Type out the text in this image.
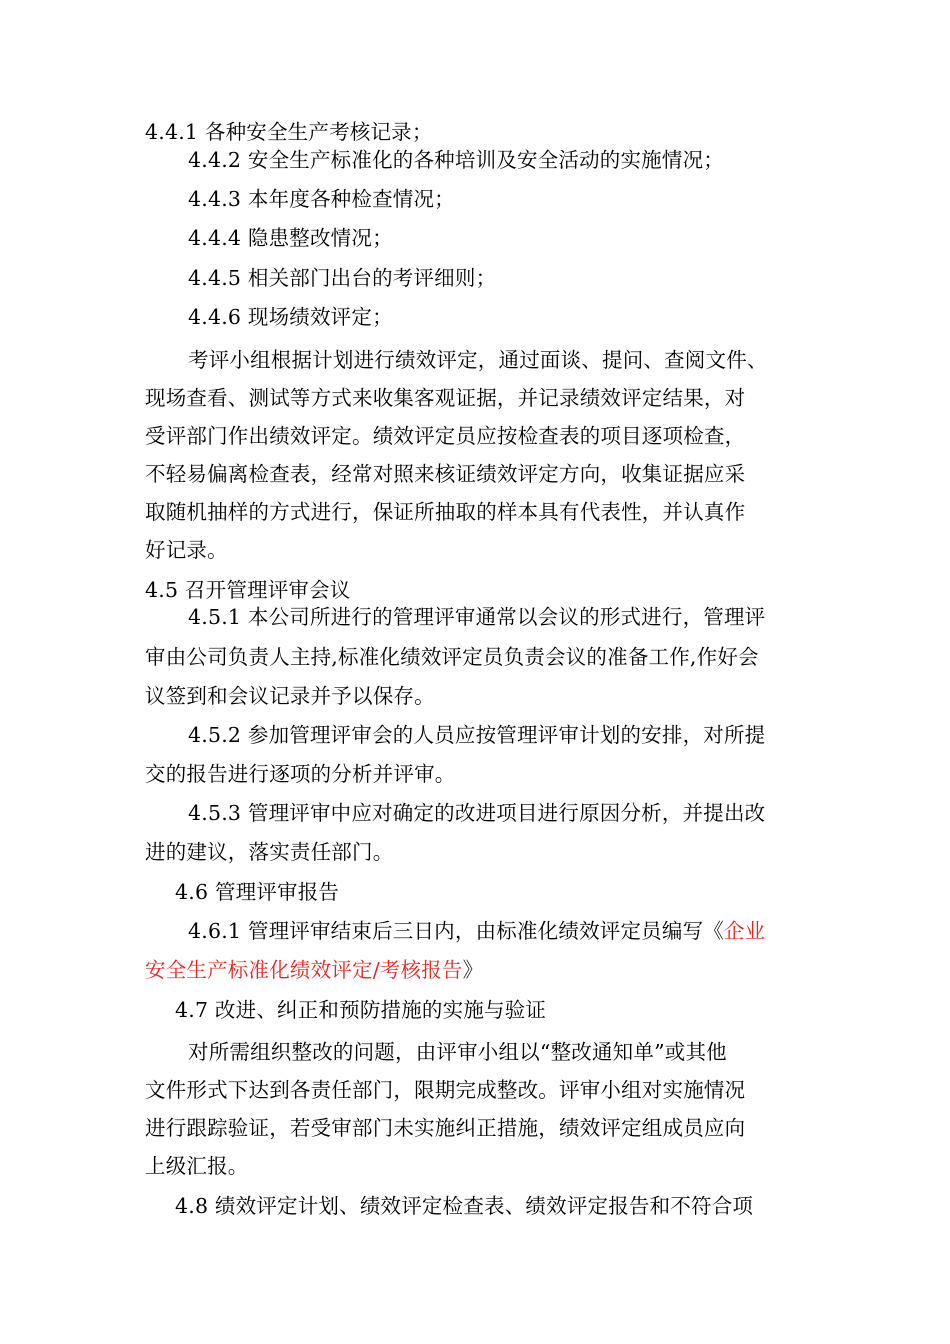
4.4.1 各种安全生产考核记录；
4.4.2 安全生产标准化的各种培训及安全活动的实施情况；
4.4.3 本年度各种检查情况；
4.4.4 隐患整改情况；
4.4.5 相关部门出台的考评细则；
4.4.6 现场绩效评定；
考评小组根据计划进行绩效评定，通过面谈、提问、查阅文件、
现场查看、测试等方式来收集客观证据，并记录绩效评定结果，对
受评部门作出绩效评定。绩效评定员应按检查表的项目逐项检查，
不轻易偏离检查表，经常对照来核证绩效评定方向，收集证据应采
取随机抽样的方式进行，保证所抽取的样本具有代表性，并认真作
好记录。
4.5 召开管理评审会议
4.5.1 本公司所进行的管理评审通常以会议的形式进行，管理评
审由公司负责人主持,标准化绩效评定员负责会议的准备工作,作好会
议签到和会议记录并予以保存。
4.5.2 参加管理评审会的人员应按管理评审计划的安排，对所提
交的报告进行逐项的分析并评审。
4.5.3 管理评审中应对确定的改进项目进行原因分析，并提出改
进的建议，落实责任部门。
4.6 管理评审报告
4.6.1 管理评审结束后三日内，由标准化绩效评定员编写《企业
安全生产标准化绩效评定/考核报告》
4.7 改进、纠正和预防措施的实施与验证
对所需组织整改的问题，由评审小组以“整改通知单”或其他
文件形式下达到各责任部门，限期完成整改。评审小组对实施情况
进行跟踪验证，若受审部门未实施纠正措施，绩效评定组成员应向
上级汇报。
4.8 绩效评定计划、绩效评定检查表、绩效评定报告和不符合项
